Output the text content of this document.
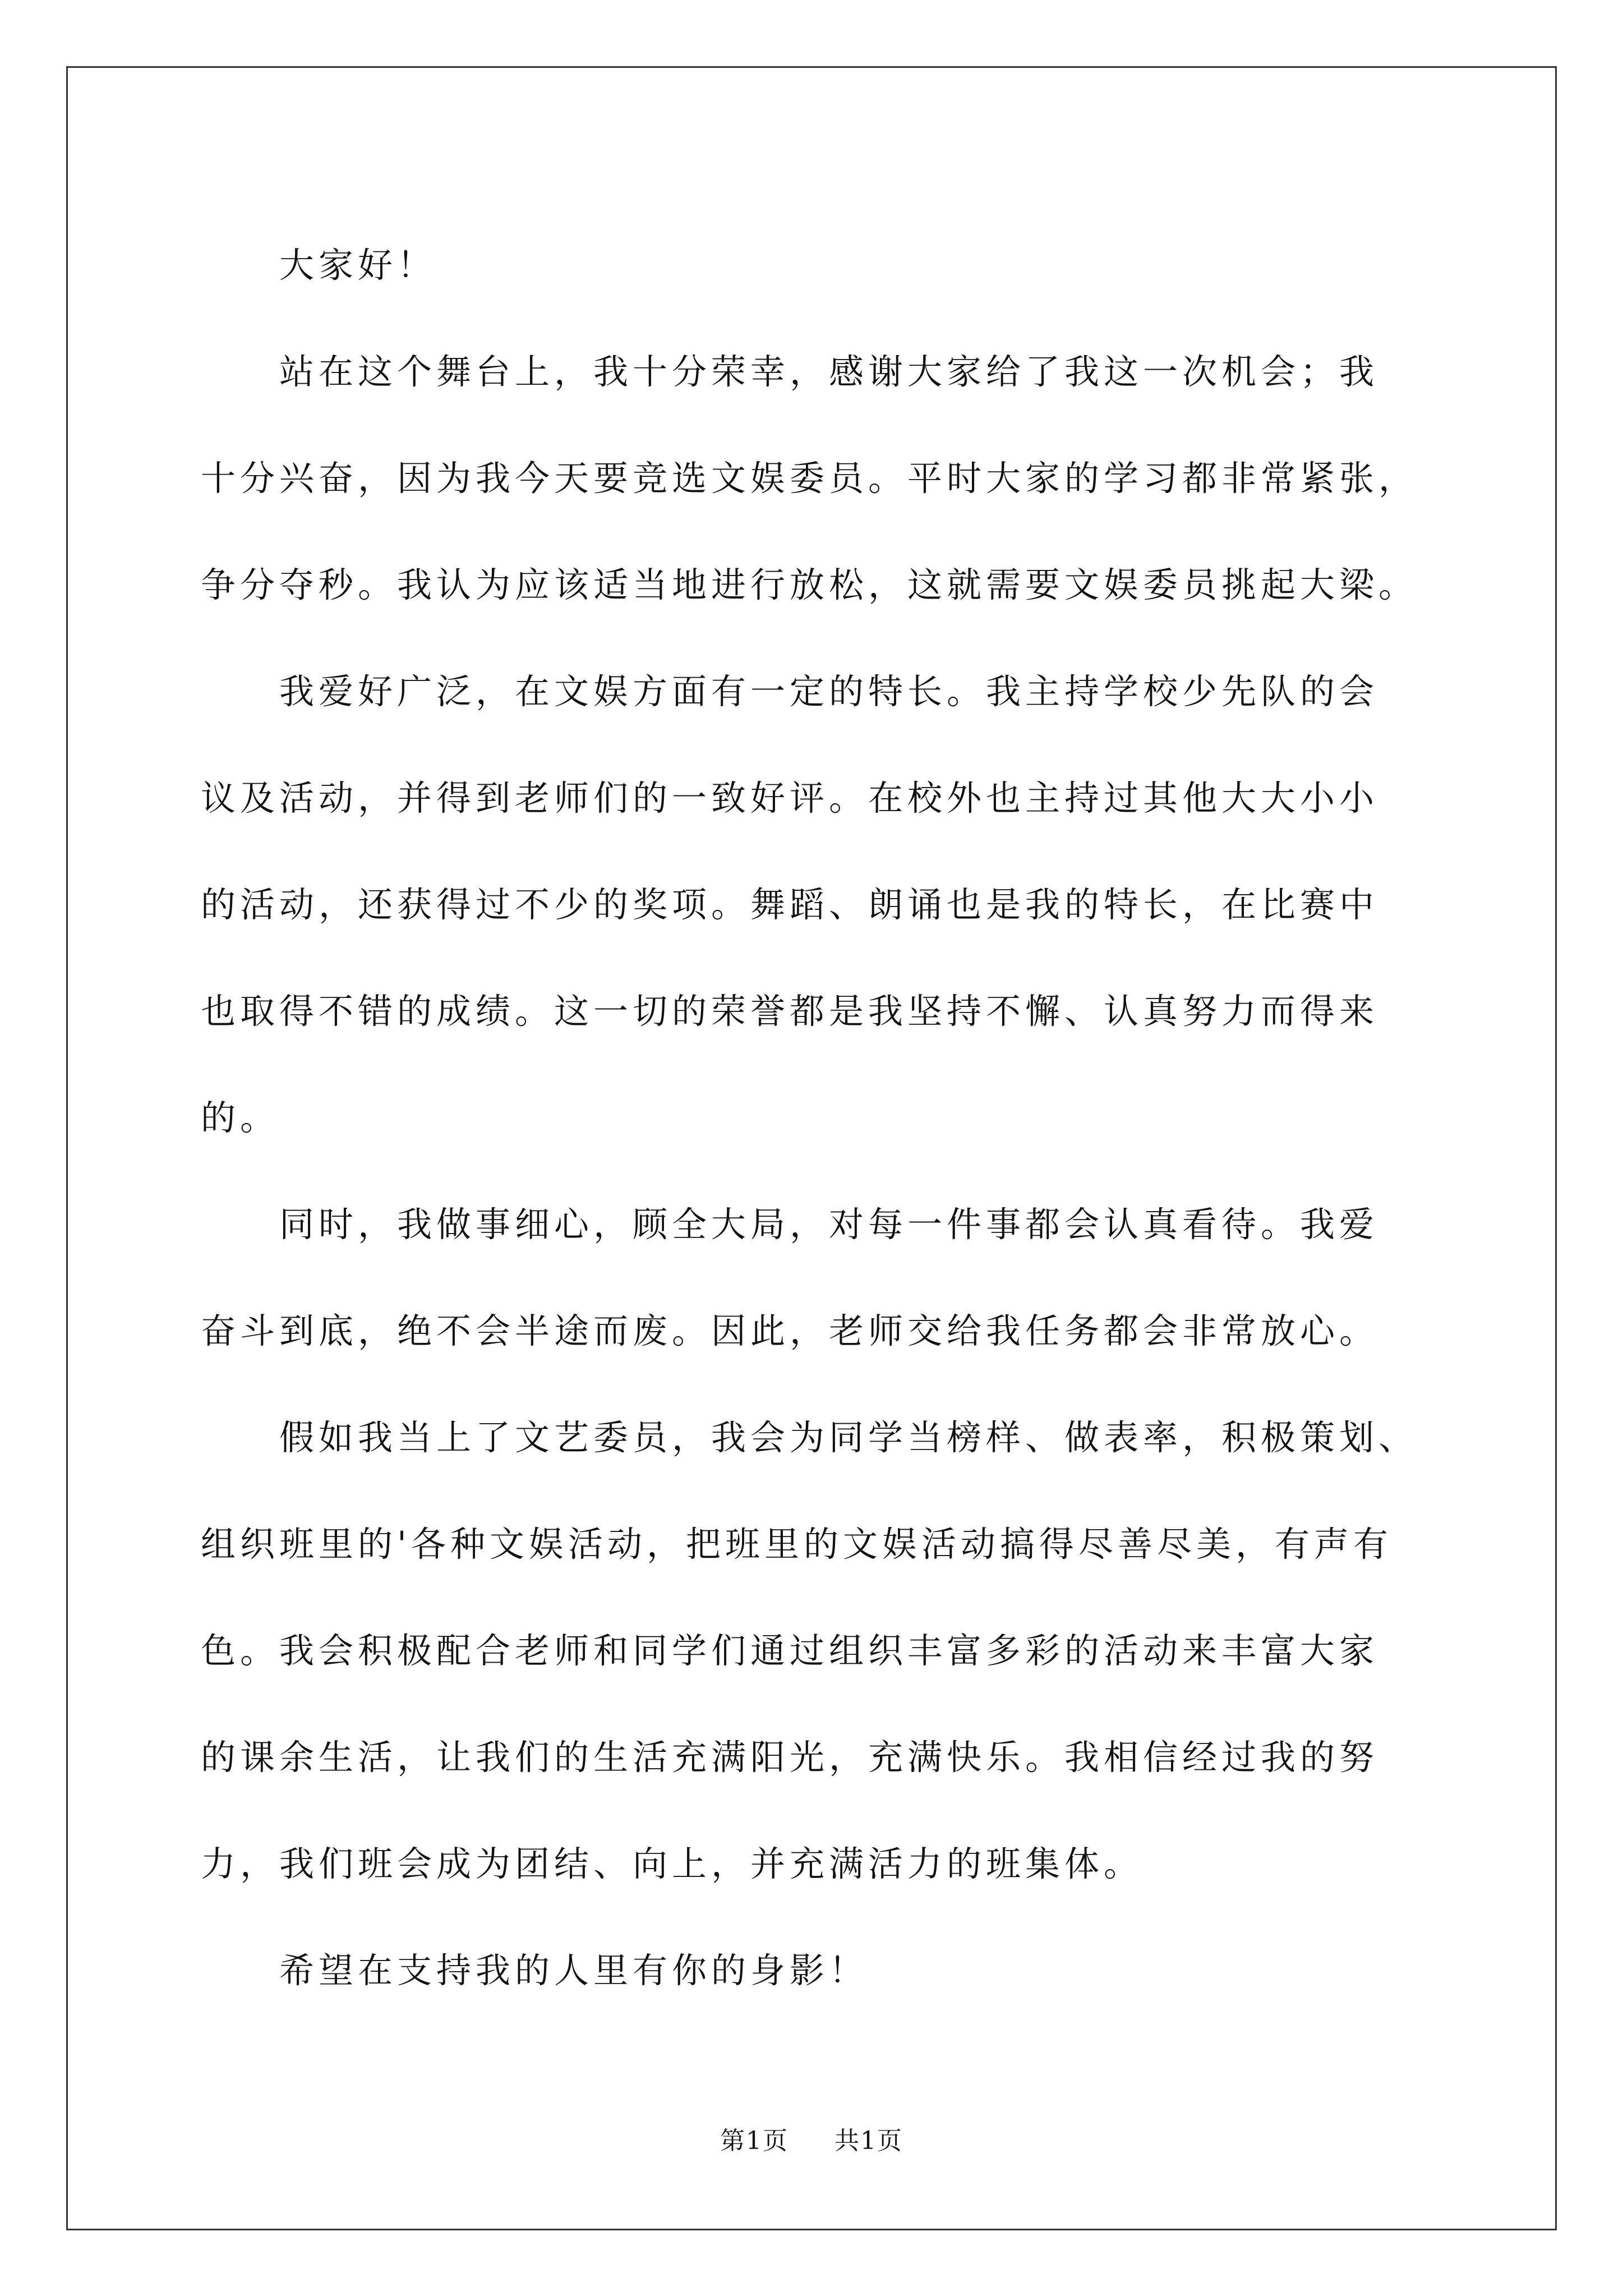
大家好！

站在这个舞台上，我十分荣幸，感谢大家给了我这一次机会；我
十分兴奋，因为我今天要竞选文娱委员。平时大家的学习都非常紧张，
争分夺秒。我认为应该适当地进行放松，这就需要文娱委员挑起大梁。

我爱好广泛，在文娱方面有一定的特长。我主持学校少先队的会
议及活动，并得到老师们的一致好评。在校外也主持过其他大大小小
的活动，还获得过不少的奖项。舞蹈、朗诵也是我的特长，在比赛中
也取得不错的成绩。这一切的荣誉都是我坚持不懈、认真努力而得来
的。

同时，我做事细心，顾全大局，对每一件事都会认真看待。我爱
奋斗到底，绝不会半途而废。因此，老师交给我任务都会非常放心。

假如我当上了文艺委员，我会为同学当榜样、做表率，积极策划、
组织班里的'各种文娱活动，把班里的文娱活动搞得尽善尽美，有声有
色。我会积极配合老师和同学们通过组织丰富多彩的活动来丰富大家
的课余生活，让我们的生活充满阳光，充满快乐。我相信经过我的努
力，我们班会成为团结、向上，并充满活力的班集体。

希望在支持我的人里有你的身影！

第1页 共1页
